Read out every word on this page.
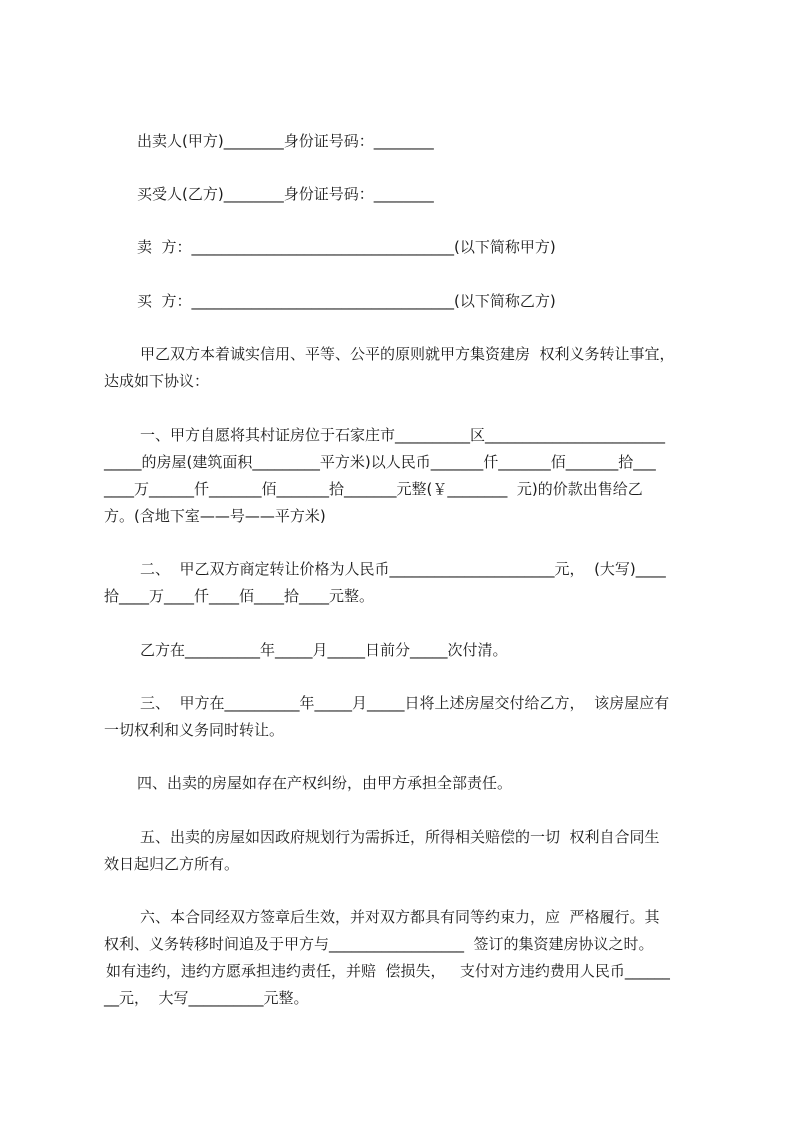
出卖人(甲方)________身份证号码：________
买受人(乙方)________身份证号码：________
卖  方：___________________________________(以下简称甲方)
买  方：___________________________________(以下简称乙方)
甲乙双方本着诚实信用、平等、公平的原则就甲方集资建房  权利义务转让事宜，
达成如下协议：
一、甲方自愿将其村证房位于石家庄市__________区________________________
_____的房屋(建筑面积_________平方米)以人民币_______仟_______佰_______拾___
____万______仟_______佰_______拾_______元整(￥________  元)的价款出售给乙
方。(含地下室——号——平方米)
二、  甲乙双方商定转让价格为人民币______________________元，  (大写)____
拾____万____仟____佰____拾____元整。
乙方在__________年_____月_____日前分_____次付清。
三、  甲方在__________年_____月_____日将上述房屋交付给乙方，  该房屋应有
一切权利和义务同时转让。
四、出卖的房屋如存在产权纠纷，由甲方承担全部责任。
五、出卖的房屋如因政府规划行为需拆迁，所得相关赔偿的一切  权利自合同生
效日起归乙方所有。
六、本合同经双方签章后生效，并对双方都具有同等约束力，应  严格履行。其
权利、义务转移时间追及于甲方与__________________  签订的集资建房协议之时。
如有违约，违约方愿承担违约责任，并赔  偿损失，   支付对方违约费用人民币______
__元，  大写__________元整。
